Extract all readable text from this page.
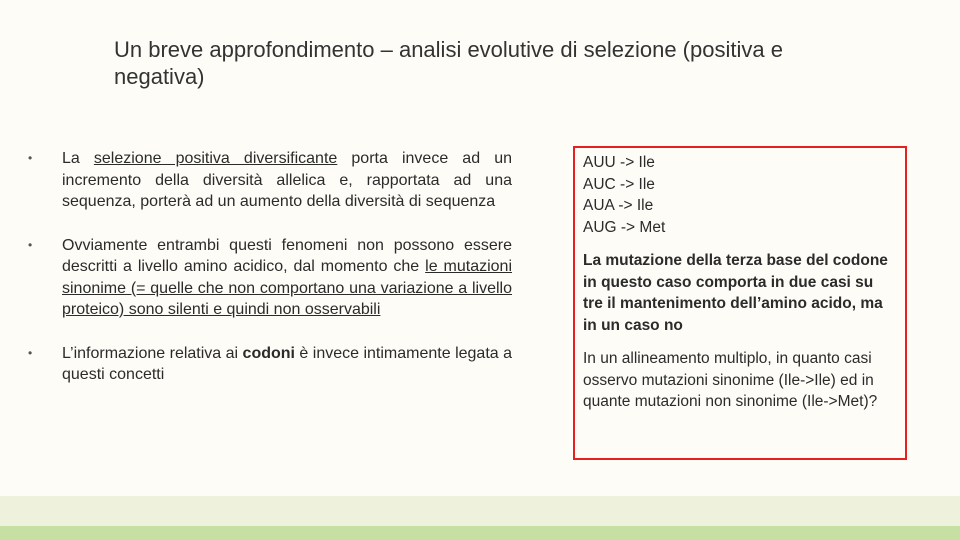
Un breve approfondimento – analisi evolutive di selezione (positiva e negativa)
• La selezione positiva diversificante porta invece ad un incremento della diversità allelica e, rapportata ad una sequenza, porterà ad un aumento della diversità di sequenza
• Ovviamente entrambi questi fenomeni non possono essere descritti a livello amino acidico, dal momento che le mutazioni sinonime (= quelle che non comportano una variazione a livello proteico) sono silenti e quindi non osservabili
• L’informazione relativa ai codoni è invece intimamente legata a questi concetti
AUU -> Ile
AUC -> Ile
AUA -> Ile
AUG -> Met
La mutazione della terza base del codone in questo caso comporta in due casi su tre il mantenimento dell’amino acido, ma in un caso no
In un allineamento multiplo, in quanto casi osservo mutazioni sinonime (Ile->Ile) ed in quante mutazioni non sinonime (Ile->Met)?
